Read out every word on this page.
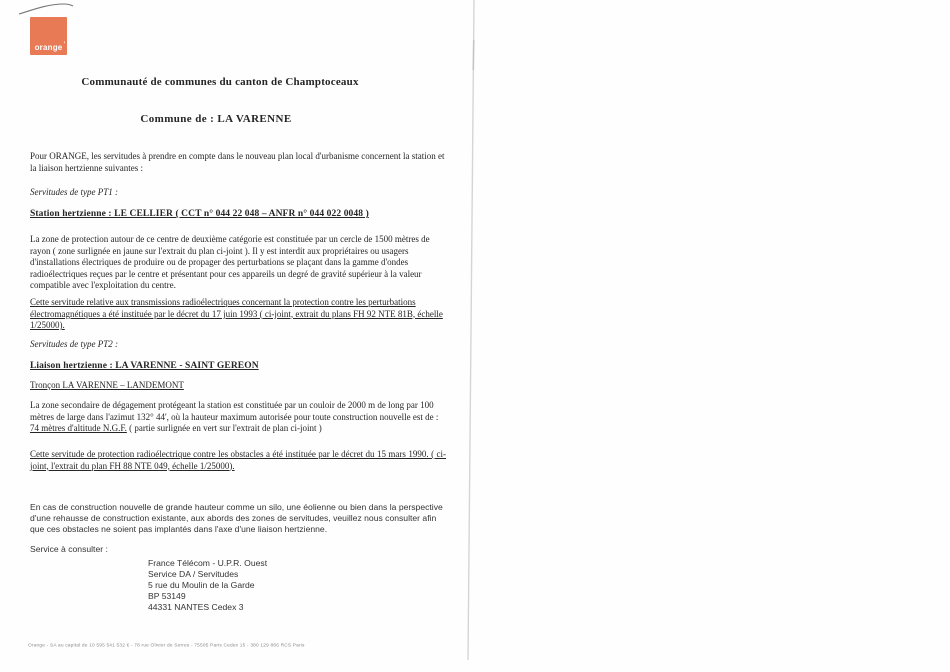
orange '
Communauté de communes du canton de Champtoceaux
Commune de : LA VARENNE
Pour ORANGE, les servitudes à prendre en compte dans le nouveau plan local d'urbanisme concernent la station et la liaison hertzienne suivantes :
Servitudes de type PT1 :
Station hertzienne : LE CELLIER ( CCT n° 044 22 048 – ANFR n° 044 022 0048 )
La zone de protection autour de ce centre de deuxième catégorie est constituée par un cercle de 1500 mètres de rayon ( zone surlignée en jaune sur l'extrait du plan ci-joint ). Il y est interdit aux propriétaires ou usagers d'installations électriques de produire ou de propager des perturbations se plaçant dans la gamme d'ondes radioélectriques reçues par le centre et présentant pour ces appareils un degré de gravité supérieur à la valeur compatible avec l'exploitation du centre.
Cette servitude relative aux transmissions radioélectriques concernant la protection contre les perturbations électromagnétiques a été instituée par le décret du 17 juin 1993 ( ci-joint, extrait du plans FH 92 NTE 81B, échelle 1/25000).
Servitudes de type PT2 :
Liaison hertzienne : LA VARENNE - SAINT GEREON
Tronçon LA VARENNE – LANDEMONT
La zone secondaire de dégagement protégeant la station est constituée par un couloir de 2000 m de long par 100 mètres de large dans l'azimut 132° 44', où la hauteur maximum autorisée pour toute construction nouvelle est de : 74 mètres d'altitude N.G.F. ( partie surlignée en vert sur l'extrait de plan ci-joint )
Cette servitude de protection radioélectrique contre les obstacles a été instituée par le décret du 15 mars 1990. ( ci-joint, l'extrait du plan FH 88 NTE 049, échelle 1/25000).
En cas de construction nouvelle de grande hauteur comme un silo, une éolienne ou bien dans la perspective d'une rehausse de construction existante, aux abords des zones de servitudes, veuillez nous consulter afin que ces obstacles ne soient pas implantés dans l'axe d'une liaison hertzienne.
Service à consulter :
France Télécom - U.P.R. Ouest
Service DA / Servitudes
5 rue du Moulin de la Garde
BP 53149
44331 NANTES Cedex 3
Orange - SA au capital de 10 595 541 532 € - 78 rue Olivier de Serres - 75505 Paris Cedex 15 - 380 129 866 RCS Paris
